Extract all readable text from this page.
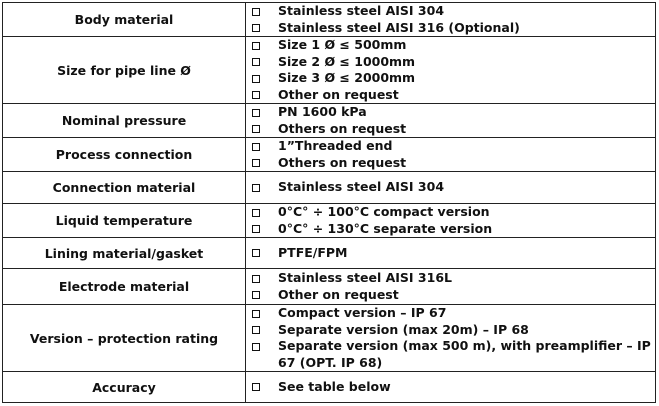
Body material	Stainless steel AISI 304
Stainless steel AISI 316 (Optional)

Size for pipe line Ø	Size 1 Ø ≤ 500mm
Size 2 Ø ≤ 1000mm
Size 3 Ø ≤ 2000mm
Other on request

Nominal pressure	PN 1600 kPa
Others on request

Process connection	1”Threaded end
Others on request

Connection material	Stainless steel AISI 304

Liquid temperature	0°C° ÷ 100°C compact version
0°C° ÷ 130°C separate version

Lining material/gasket	PTFE/FPM

Electrode material	Stainless steel AISI 316L
Other on request

Version – protection rating	Compact version – IP 67
Separate version (max 20m) – IP 68
Separate version (max 500 m), with preamplifier – IP 67 (OPT. IP 68)

Accuracy	See table below
